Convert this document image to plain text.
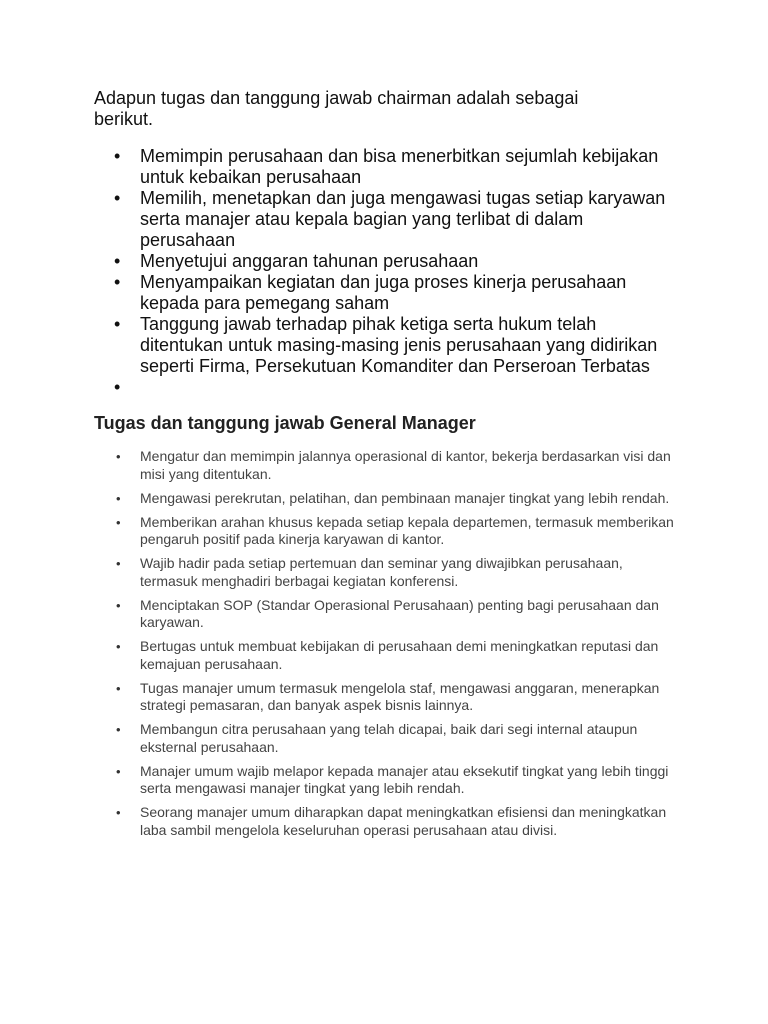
Adapun tugas dan tanggung jawab chairman adalah sebagai berikut.

• Memimpin perusahaan dan bisa menerbitkan sejumlah kebijakan untuk kebaikan perusahaan
• Memilih, menetapkan dan juga mengawasi tugas setiap karyawan serta manajer atau kepala bagian yang terlibat di dalam perusahaan
• Menyetujui anggaran tahunan perusahaan
• Menyampaikan kegiatan dan juga proses kinerja perusahaan kepada para pemegang saham
• Tanggung jawab terhadap pihak ketiga serta hukum telah ditentukan untuk masing-masing jenis perusahaan yang didirikan seperti Firma, Persekutuan Komanditer dan Perseroan Terbatas
•
Tugas dan tanggung jawab General Manager
• Mengatur dan memimpin jalannya operasional di kantor, bekerja berdasarkan visi dan misi yang ditentukan.
• Mengawasi perekrutan, pelatihan, dan pembinaan manajer tingkat yang lebih rendah.
• Memberikan arahan khusus kepada setiap kepala departemen, termasuk memberikan pengaruh positif pada kinerja karyawan di kantor.
• Wajib hadir pada setiap pertemuan dan seminar yang diwajibkan perusahaan, termasuk menghadiri berbagai kegiatan konferensi.
• Menciptakan SOP (Standar Operasional Perusahaan) penting bagi perusahaan dan karyawan.
• Bertugas untuk membuat kebijakan di perusahaan demi meningkatkan reputasi dan kemajuan perusahaan.
• Tugas manajer umum termasuk mengelola staf, mengawasi anggaran, menerapkan strategi pemasaran, dan banyak aspek bisnis lainnya.
• Membangun citra perusahaan yang telah dicapai, baik dari segi internal ataupun eksternal perusahaan.
• Manajer umum wajib melapor kepada manajer atau eksekutif tingkat yang lebih tinggi serta mengawasi manajer tingkat yang lebih rendah.
• Seorang manajer umum diharapkan dapat meningkatkan efisiensi dan meningkatkan laba sambil mengelola keseluruhan operasi perusahaan atau divisi.
